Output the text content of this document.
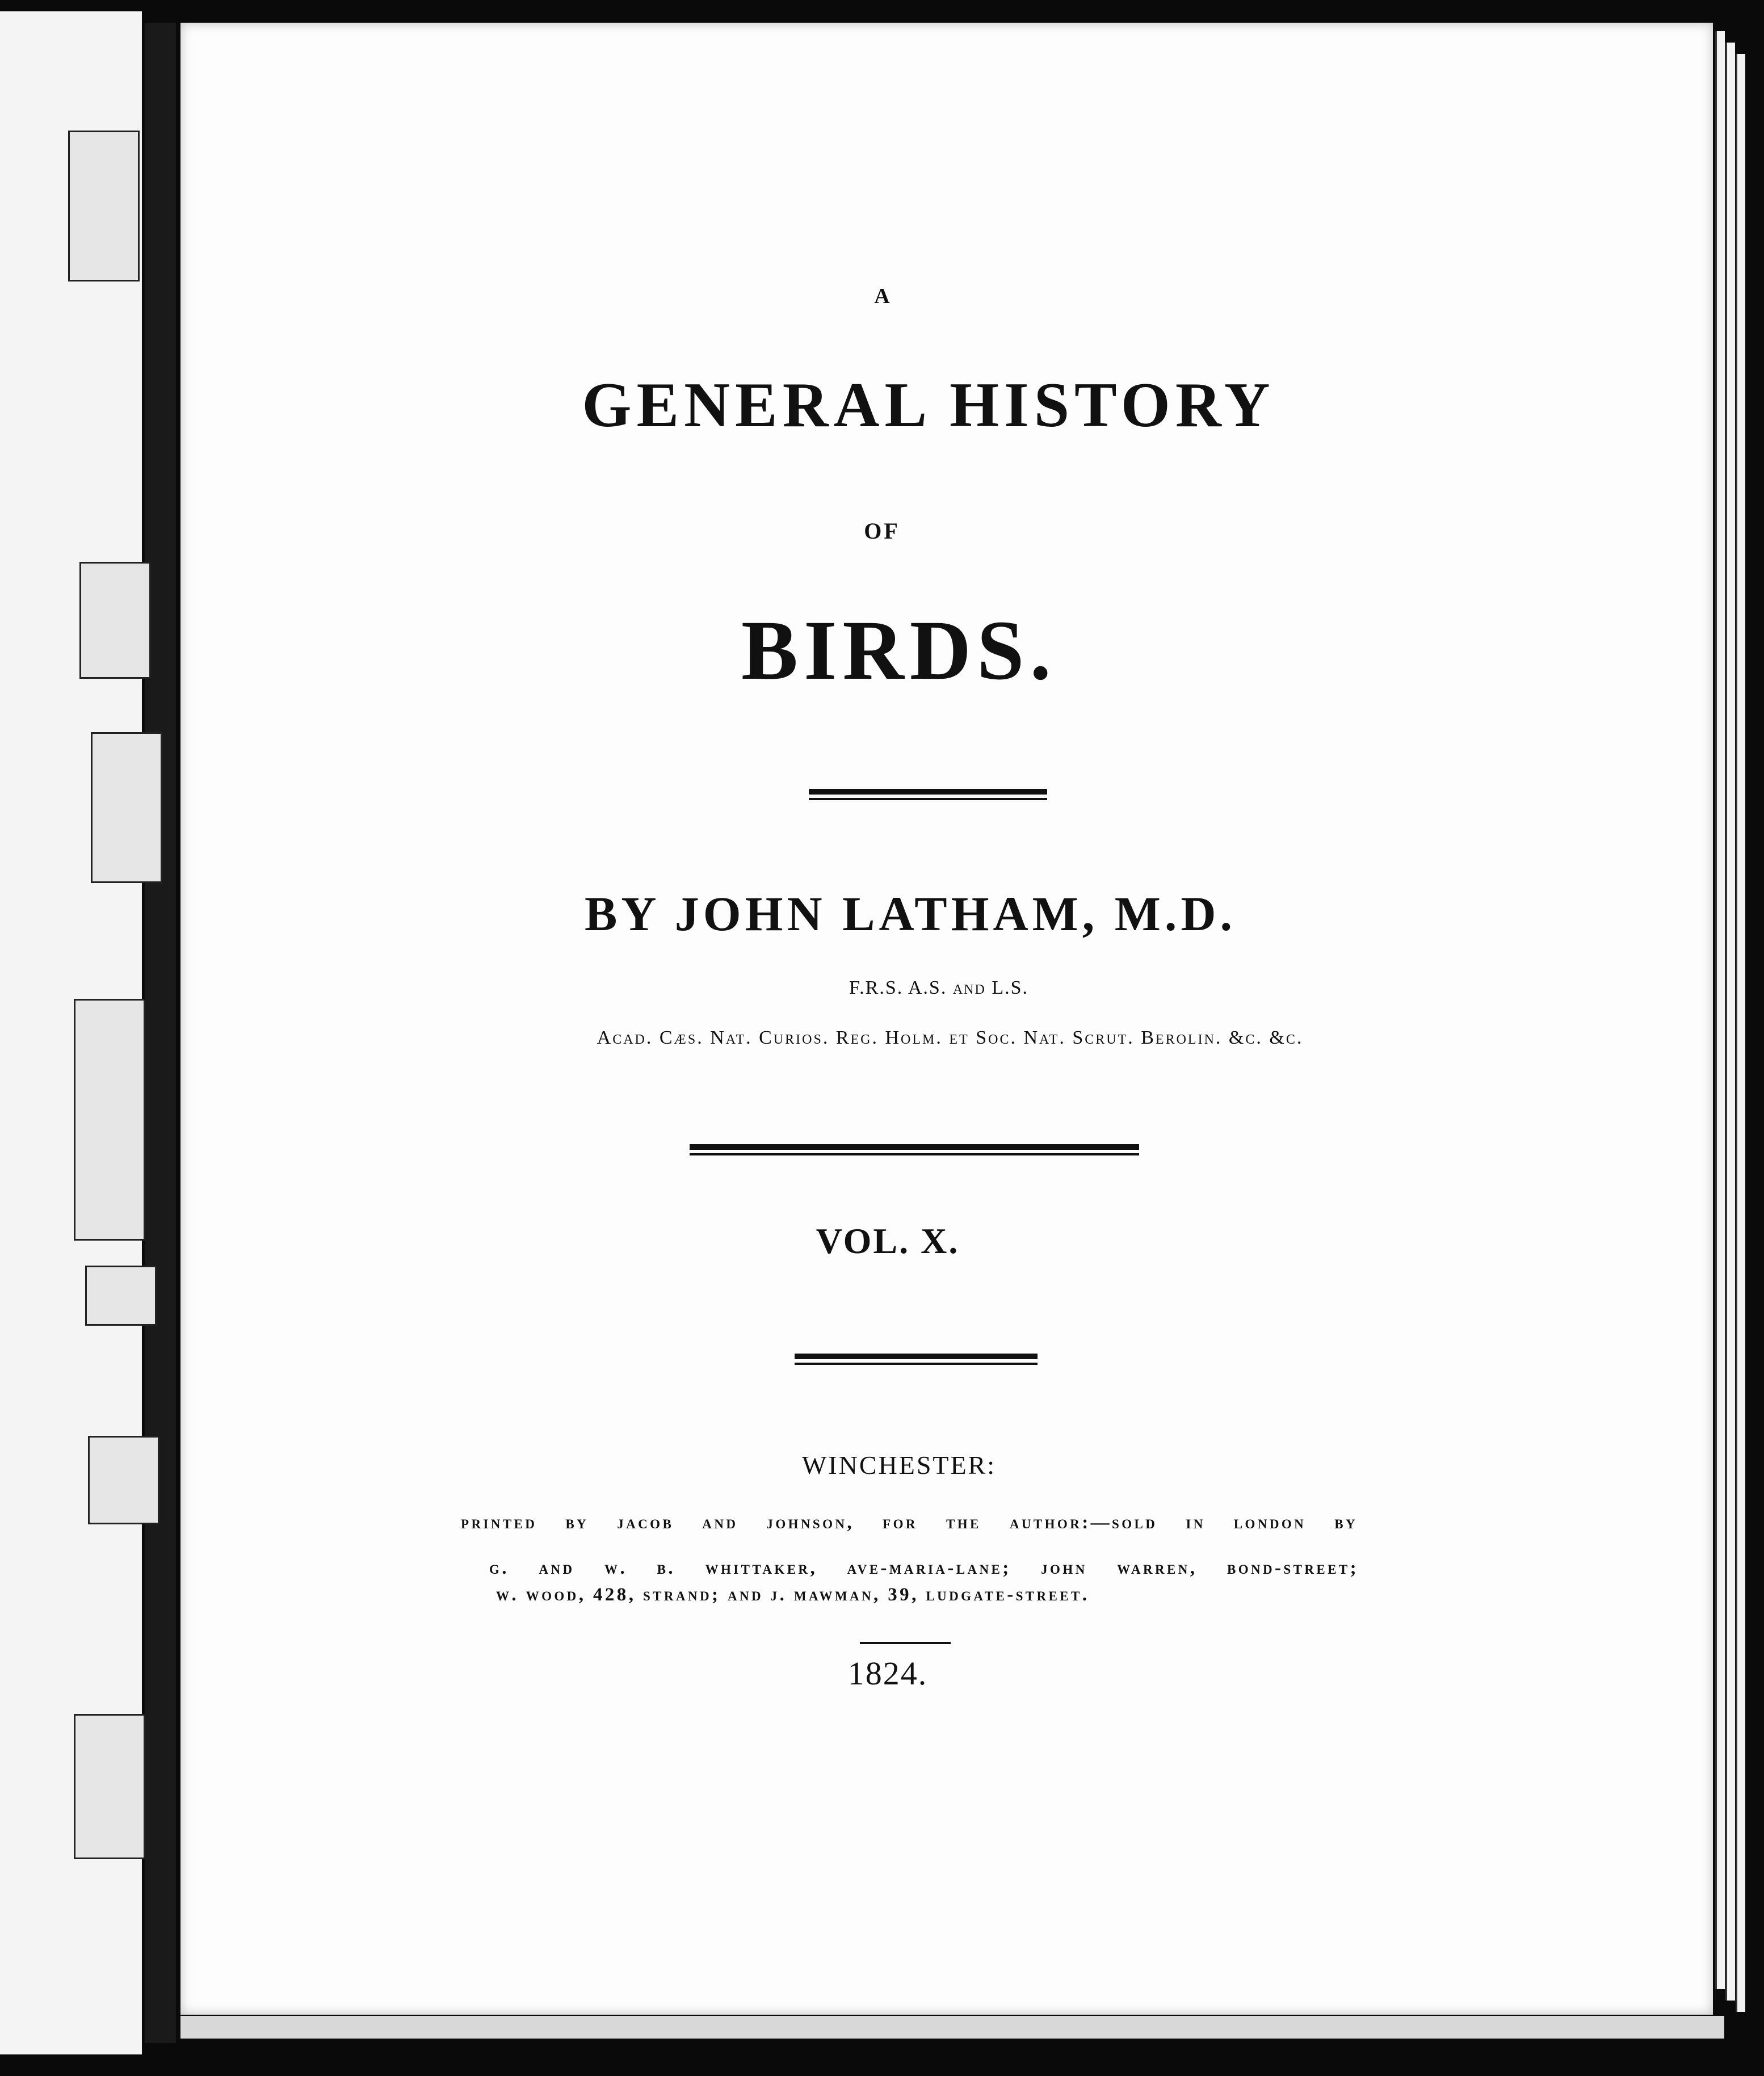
A
GENERAL HISTORY
OF
BIRDS.
BY JOHN LATHAM, M.D.
F.R.S. A.S. and L.S.
Acad. Cæs. Nat. Curios. Reg. Holm. et Soc. Nat. Scrut. Berolin. &c. &c.
VOL. X.
WINCHESTER:
printed by jacob and johnson, for the author:—sold in london by
g. and w. b. whittaker, ave-maria-lane; john warren, bond-street;
w. wood, 428, strand; and j. mawman, 39, ludgate-street.
1824.
